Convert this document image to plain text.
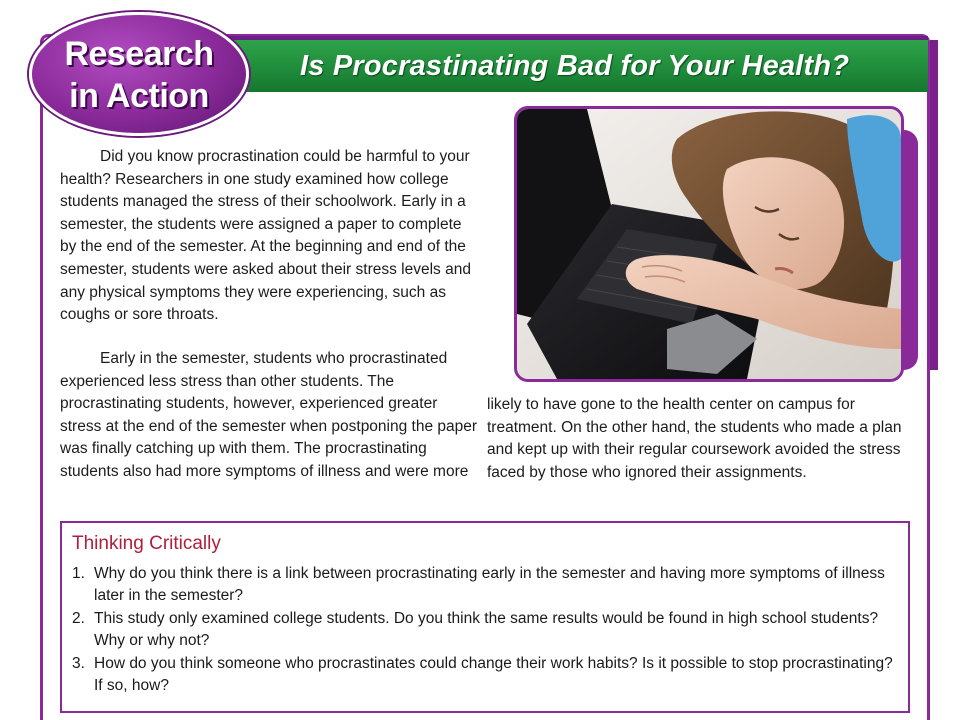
Is Procrastinating Bad for Your Health?
Research
in Action
Did you know procrastination could be harmful to your health? Researchers in one study examined how college students managed the stress of their schoolwork. Early in a semester, the students were assigned a paper to complete by the end of the semester. At the beginning and end of the semester, students were asked about their stress levels and any physical symptoms they were experiencing, such as coughs or sore throats.
Early in the semester, students who procrastinated experienced less stress than other students. The procrastinating students, however, experienced greater stress at the end of the semester when postponing the paper was finally catching up with them. The procrastinating students also had more symptoms of illness and were more
likely to have gone to the health center on campus for treatment. On the other hand, the students who made a plan and kept up with their regular coursework avoided the stress faced by those who ignored their assignments.
Thinking Critically
1. Why do you think there is a link between procrastinating early in the semester and having more symptoms of illness later in the semester?
2. This study only examined college students. Do you think the same results would be found in high school students? Why or why not?
3. How do you think someone who procrastinates could change their work habits? Is it possible to stop procrastinating? If so, how?
